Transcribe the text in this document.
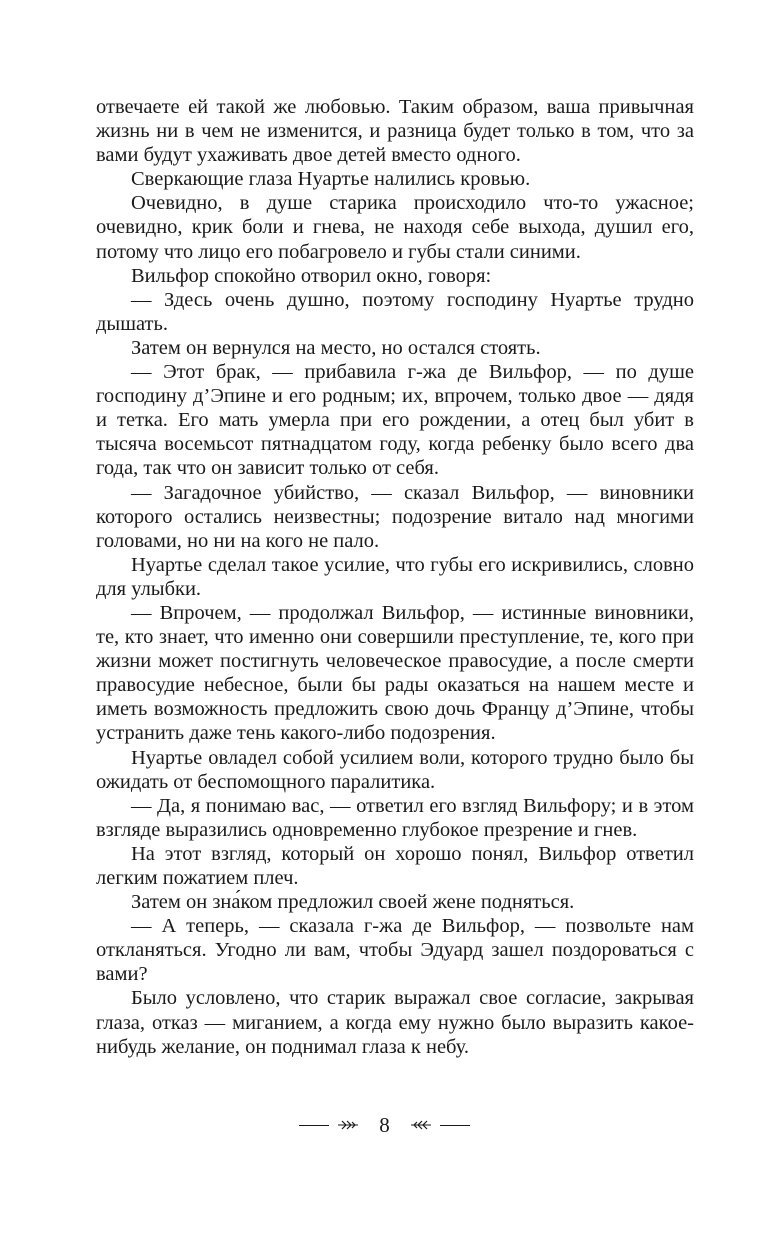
отвечаете ей такой же любовью. Таким образом, ваша привычная жизнь ни в чем не изменится, и разница будет только в том, что за вами будут ухаживать двое детей вместо одного.

Сверкающие глаза Нуартье налились кровью.

Очевидно, в душе старика происходило что-то ужасное; очевидно, крик боли и гнева, не находя себе выхода, душил его, потому что лицо его побагровело и губы стали синими.

Вильфор спокойно отворил окно, говоря:

— Здесь очень душно, поэтому господину Нуартье трудно дышать.

Затем он вернулся на место, но остался стоять.

— Этот брак, — прибавила г-жа де Вильфор, — по душе господину д’Эпине и его родным; их, впрочем, только двое — дядя и тетка. Его мать умерла при его рождении, а отец был убит в тысяча восемьсот пятнадцатом году, когда ребенку было всего два года, так что он зависит только от себя.

— Загадочное убийство, — сказал Вильфор, — виновники которого остались неизвестны; подозрение витало над многими головами, но ни на кого не пало.

Нуартье сделал такое усилие, что губы его искривились, словно для улыбки.

— Впрочем, — продолжал Вильфор, — истинные виновники, те, кто знает, что именно они совершили преступление, те, кого при жизни может постигнуть человеческое правосудие, а после смерти правосудие небесное, были бы рады оказаться на нашем месте и иметь возможность предложить свою дочь Францу д’Эпине, чтобы устранить даже тень какого-либо подозрения.

Нуартье овладел собой усилием воли, которого трудно было бы ожидать от беспомощного паралитика.

— Да, я понимаю вас, — ответил его взгляд Вильфору; и в этом взгляде выразились одновременно глубокое презрение и гнев.

На этот взгляд, который он хорошо понял, Вильфор ответил легким пожатием плеч.

Затем он зна́ком предложил своей жене подняться.

— А теперь, — сказала г-жа де Вильфор, — позвольте нам откланяться. Угодно ли вам, чтобы Эдуард зашел поздороваться с вами?

Было условлено, что старик выражал свое согласие, закрывая глаза, отказ — миганием, а когда ему нужно было выразить какое-нибудь желание, он поднимал глаза к небу.

8
